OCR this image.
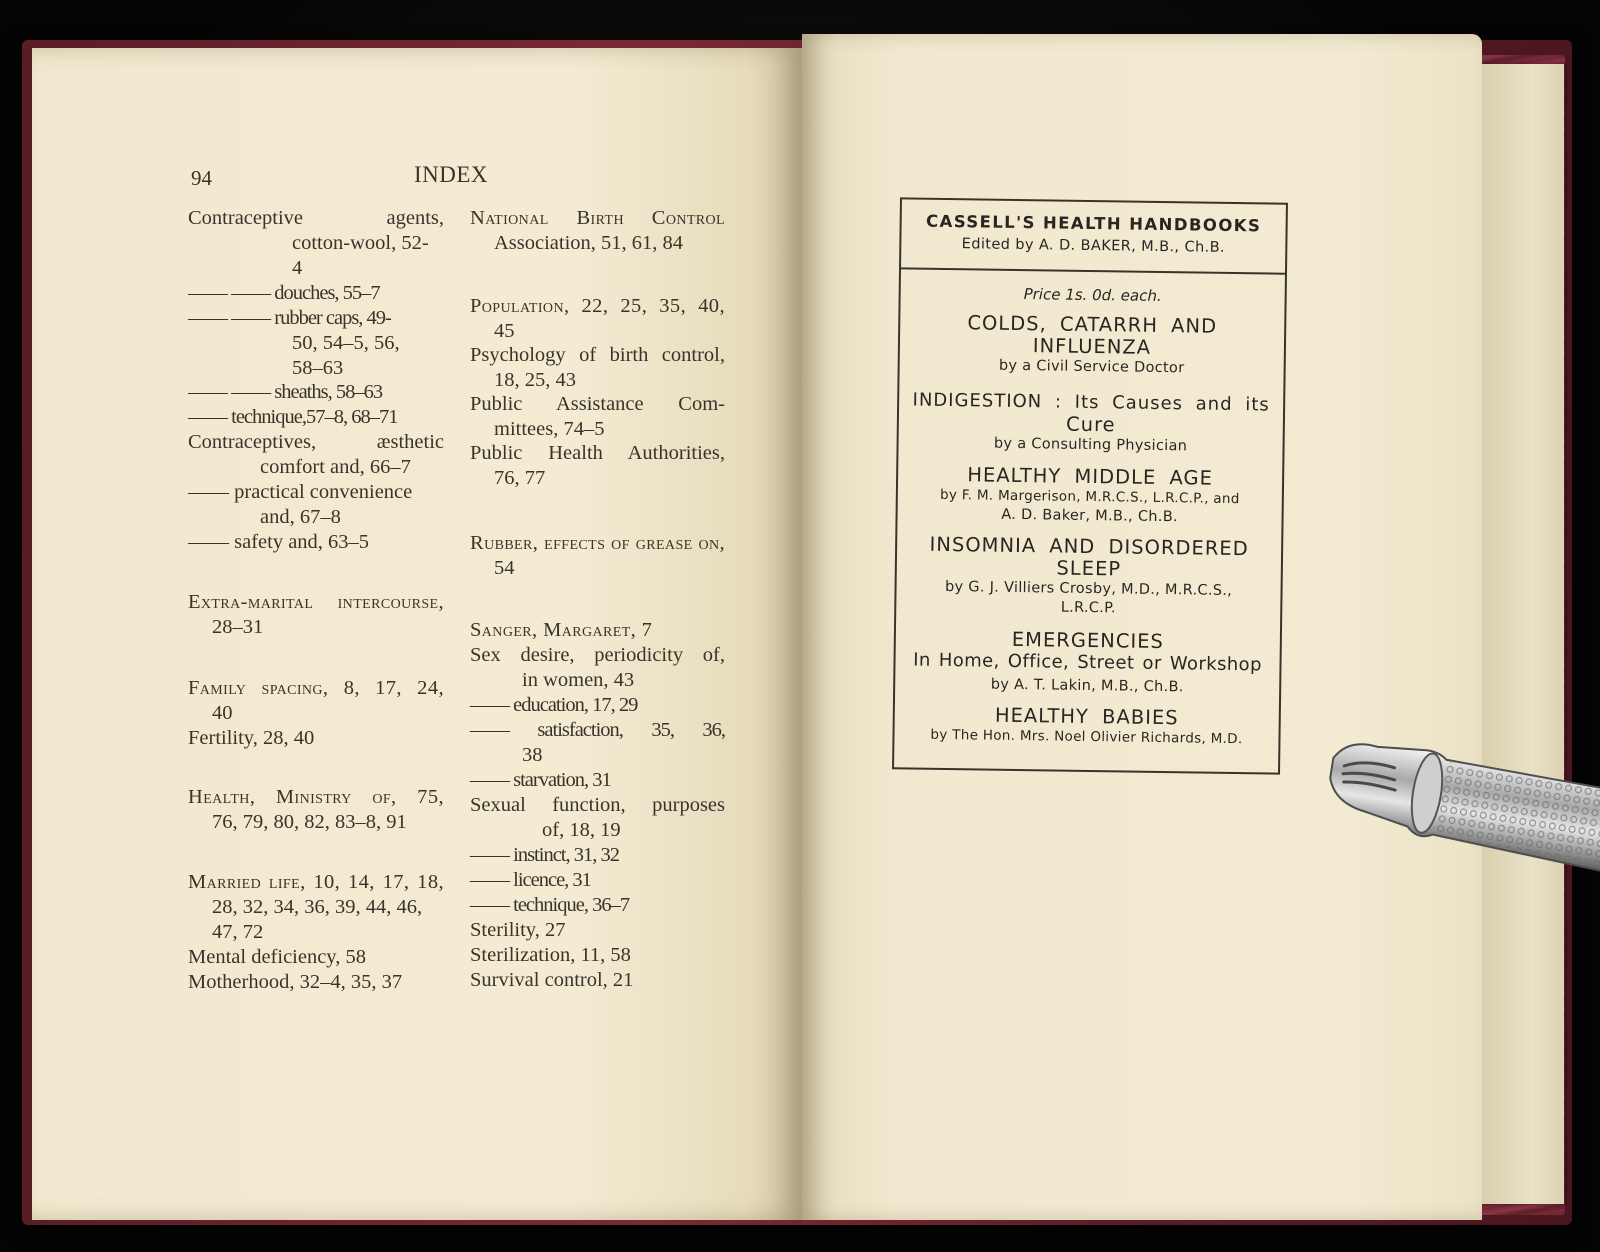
94	INDEX
Contraceptive agents,
cotton-wool, 52-
4
—— —— douches, 55–7
—— —— rubber caps, 49-
50, 54–5, 56,
58–63
—— —— sheaths, 58–63
—— technique,57–8, 68–71
Contraceptives, æsthetic
comfort and, 66–7
—— practical convenience
and, 67–8
—— safety and, 63–5
Extra-marital intercourse,
28–31
Family spacing, 8, 17, 24,
40
Fertility, 28, 40
Health, Ministry of, 75,
76, 79, 80, 82, 83–8, 91
Married life, 10, 14, 17, 18,
28, 32, 34, 36, 39, 44, 46,
47, 72
Mental deficiency, 58
Motherhood, 32–4, 35, 37
National Birth Control
Association, 51, 61, 84
Population, 22, 25, 35, 40,
45
Psychology of birth control,
18, 25, 43
Public Assistance Com-
mittees, 74–5
Public Health Authorities,
76, 77
Rubber, effects of grease on,
54
Sanger, Margaret, 7
Sex desire, periodicity of,
in women, 43
—— education, 17, 29
—— satisfaction, 35, 36,
38
—— starvation, 31
Sexual function, purposes
of, 18, 19
—— instinct, 31, 32
—— licence, 31
—— technique, 36–7
Sterility, 27
Sterilization, 11, 58
Survival control, 21
CASSELL'S HEALTH HANDBOOKS
Edited by A. D. BAKER, M.B., Ch.B.
Price 1s. 0d. each.
COLDS, CATARRH AND
INFLUENZA
by a Civil Service Doctor
INDIGESTION : Its Causes and its
Cure
by a Consulting Physician
HEALTHY MIDDLE AGE
by F. M. Margerison, M.R.C.S., L.R.C.P., and
A. D. Baker, M.B., Ch.B.
INSOMNIA AND DISORDERED
SLEEP
by G. J. Villiers Crosby, M.D., M.R.C.S.,
L.R.C.P.
EMERGENCIES
In Home, Office, Street or Workshop
by A. T. Lakin, M.B., Ch.B.
HEALTHY BABIES
by The Hon. Mrs. Noel Olivier Richards, M.D.
